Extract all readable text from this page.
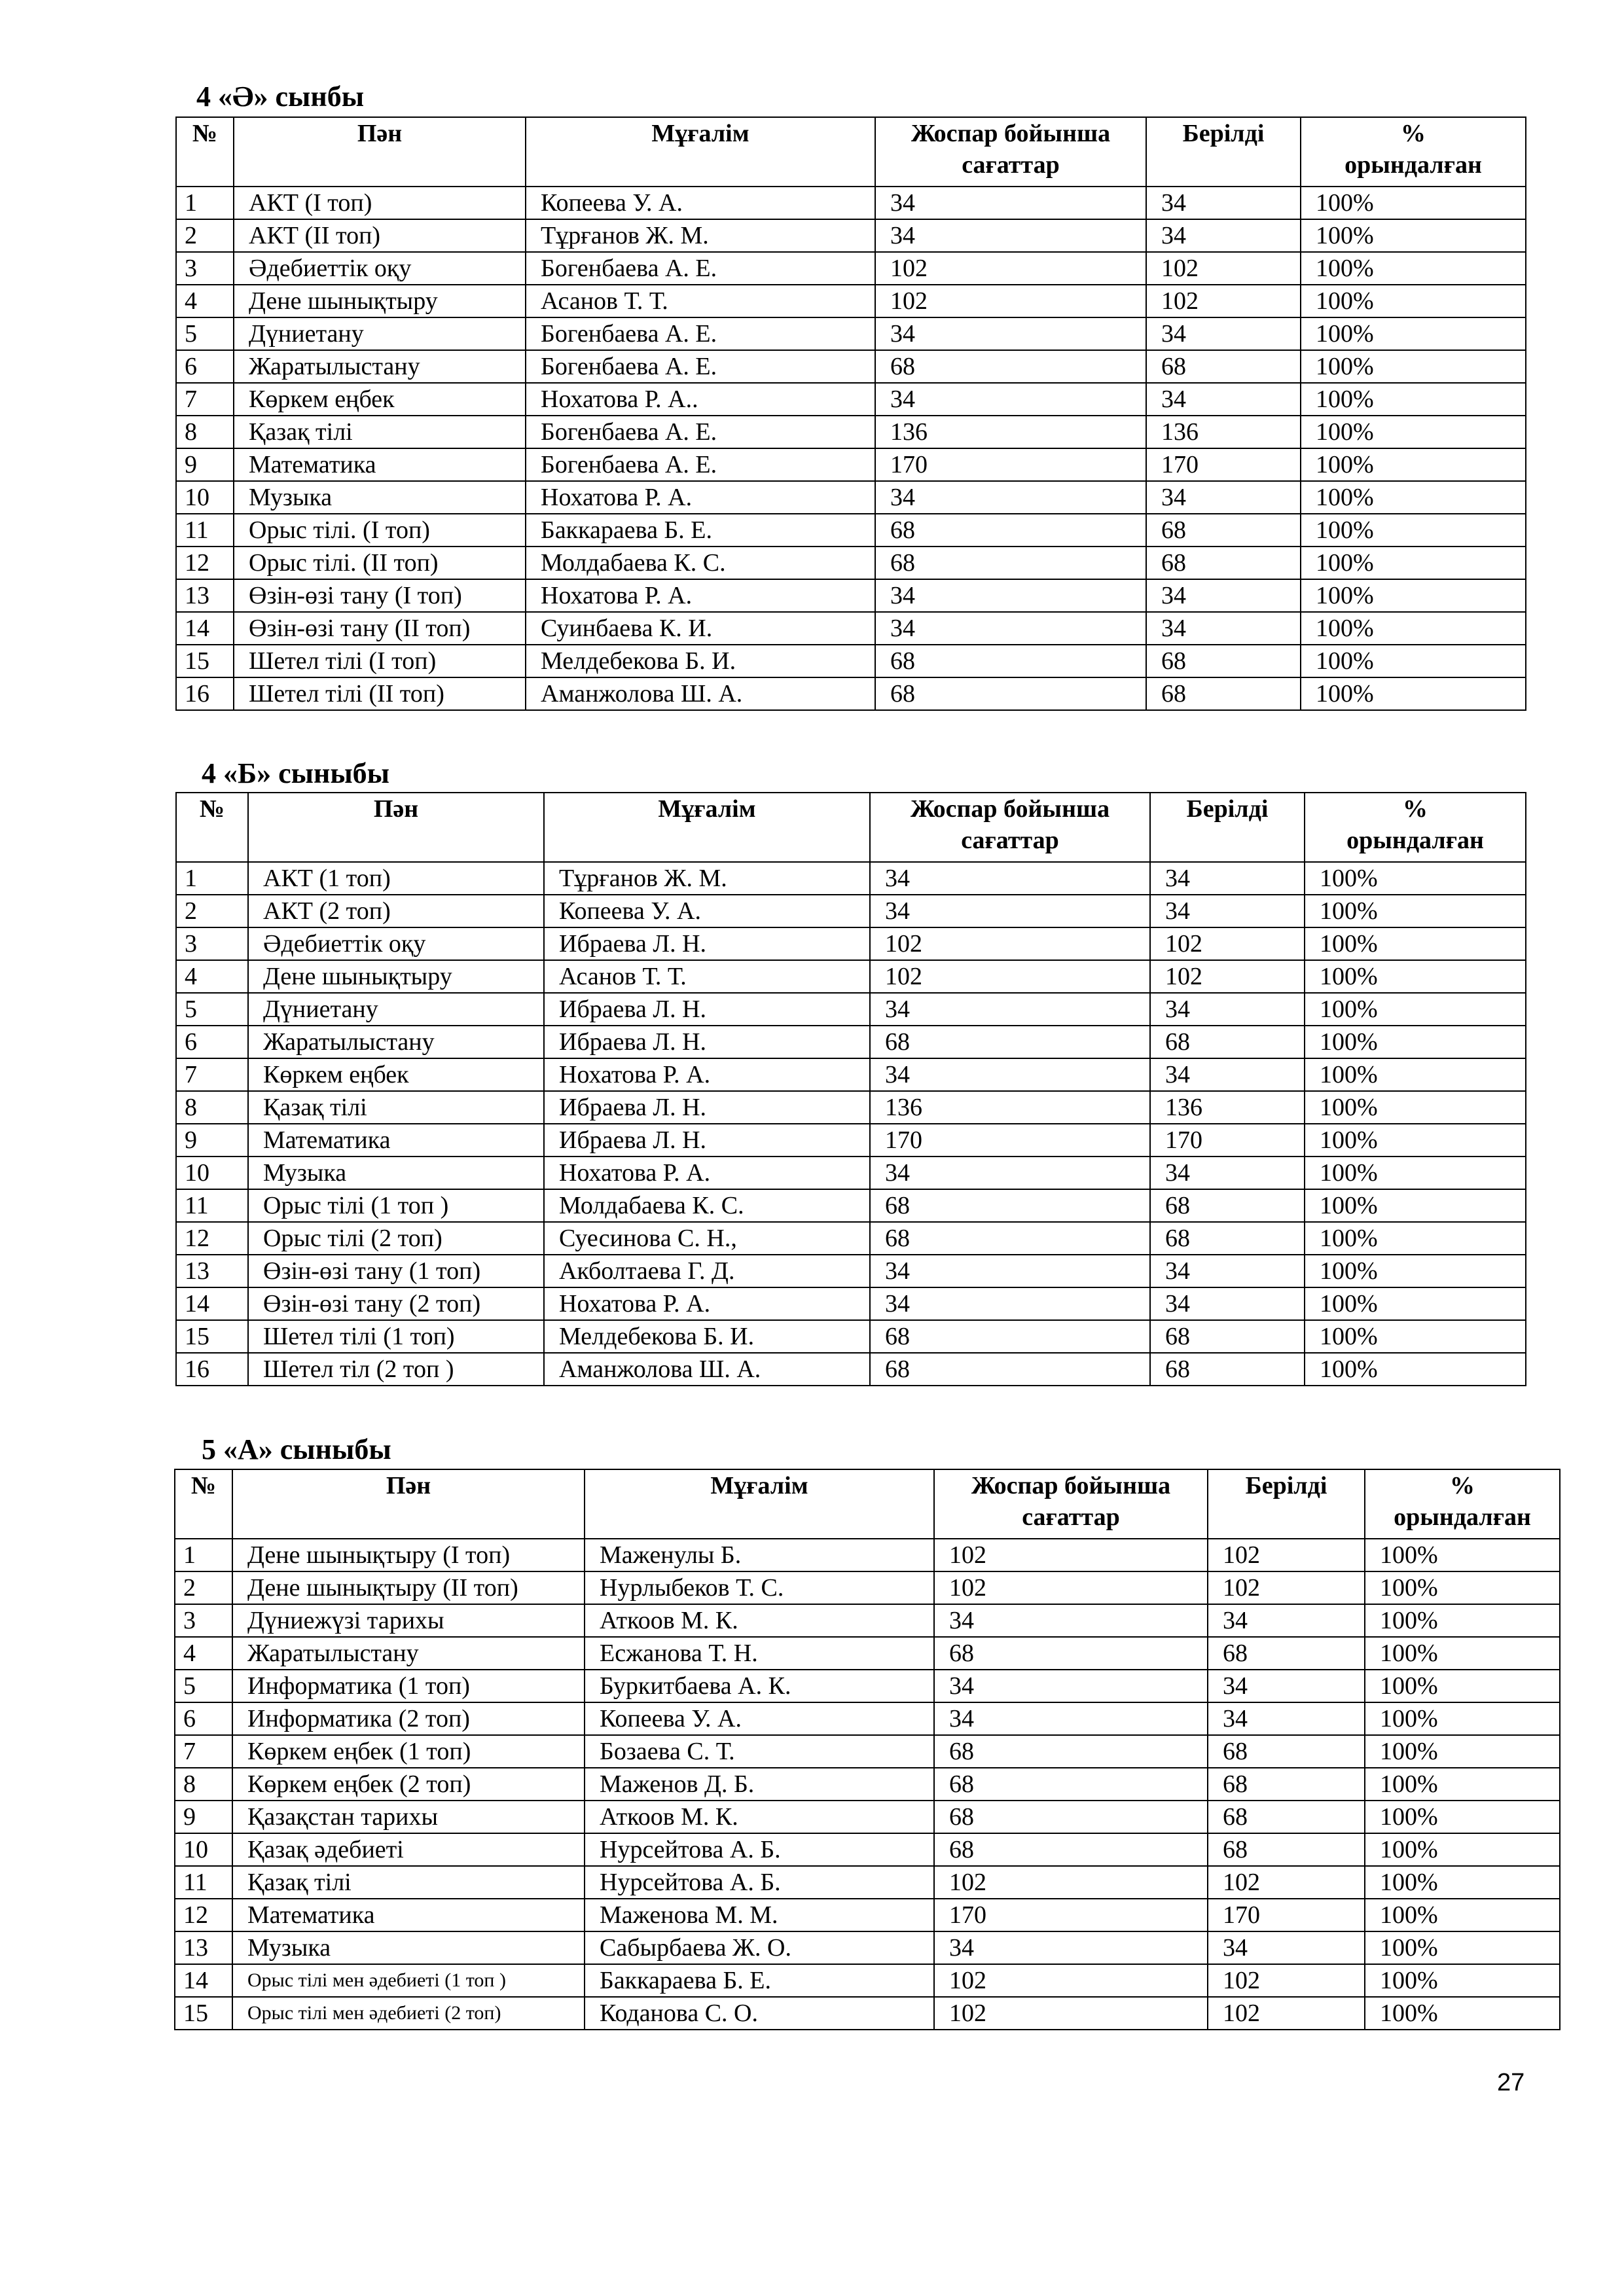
4 «Ә» сынбы
№	Пән	Мұғалім	Жоспар бойынша
сағаттар	Берілді	%
орындалған

1	АКТ (І топ)	Копеева У. А.	34	34	100%
2	АКТ (ІІ топ)	Тұрғанов Ж. М.	34	34	100%
3	Әдебиеттік оқу	Богенбаева А. Е.	102	102	100%
4	Дене шынықтыру	Асанов Т. Т.	102	102	100%
5	Дүниетану	Богенбаева А. Е.	34	34	100%
6	Жаратылыстану	Богенбаева А. Е.	68	68	100%
7	Көркем еңбек	Нохатова Р. А..	34	34	100%
8	Қазақ тілі	Богенбаева А. Е.	136	136	100%
9	Математика	Богенбаева А. Е.	170	170	100%
10	Музыка	Нохатова Р. А.	34	34	100%
11	Орыс тілі. (І топ)	Баккараева Б. Е.	68	68	100%
12	Орыс тілі. (ІІ топ)	Молдабаева К. С.	68	68	100%
13	Өзін-өзі тану (І топ)	Нохатова Р. А.	34	34	100%
14	Өзін-өзі тану (ІІ топ)	Суинбаева К. И.	34	34	100%
15	Шетел тілі (І топ)	Мелдебекова Б. И.	68	68	100%
16	Шетел тілі (ІІ топ)	Аманжолова Ш. А.	68	68	100%
4 «Б» сыныбы
№	Пән	Мұғалім	Жоспар бойынша
сағаттар	Берілді	%
орындалған

1	АКТ (1 топ)	Тұрғанов Ж. М.	34	34	100%
2	АКТ (2 топ)	Копеева У. А.	34	34	100%
3	Әдебиеттік оқу	Ибраева Л. Н.	102	102	100%
4	Дене шынықтыру	Асанов Т. Т.	102	102	100%
5	Дүниетану	Ибраева Л. Н.	34	34	100%
6	Жаратылыстану	Ибраева Л. Н.	68	68	100%
7	Көркем еңбек	Нохатова Р. А.	34	34	100%
8	Қазақ тілі	Ибраева Л. Н.	136	136	100%
9	Математика	Ибраева Л. Н.	170	170	100%
10	Музыка	Нохатова Р. А.	34	34	100%
11	Орыс тілі (1 топ )	Молдабаева К. С.	68	68	100%
12	Орыс тілі (2 топ)	Суесинова С. Н.,	68	68	100%
13	Өзін-өзі тану (1 топ)	Акболтаева Г. Д.	34	34	100%
14	Өзін-өзі тану (2 топ)	Нохатова Р. А.	34	34	100%
15	Шетел тілі (1 топ)	Мелдебекова Б. И.	68	68	100%
16	Шетел тіл (2 топ )	Аманжолова Ш. А.	68	68	100%
5 «А» сыныбы
№	Пән	Мұғалім	Жоспар бойынша
сағаттар	Берілді	%
орындалған

1	Дене шынықтыру (І топ)	Маженулы Б.	102	102	100%
2	Дене шынықтыру (ІІ топ)	Нурлыбеков Т. С.	102	102	100%
3	Дүниежүзі тарихы	Аткоов М. К.	34	34	100%
4	Жаратылыстану	Есжанова Т. Н.	68	68	100%
5	Информатика (1 топ)	Буркитбаева А. К.	34	34	100%
6	Информатика (2 топ)	Копеева У. А.	34	34	100%
7	Көркем еңбек (1 топ)	Бозаева С. Т.	68	68	100%
8	Көркем еңбек (2 топ)	Маженов Д. Б.	68	68	100%
9	Қазақстан тарихы	Аткоов М. К.	68	68	100%
10	Қазақ әдебиеті	Нурсейтова А. Б.	68	68	100%
11	Қазақ тілі	Нурсейтова А. Б.	102	102	100%
12	Математика	Маженова М. М.	170	170	100%
13	Музыка	Сабырбаева Ж. О.	34	34	100%
14	Орыс тілі мен әдебиеті (1 топ )	Баккараева Б. Е.	102	102	100%
15	Орыс тілі мен әдебиеті (2 топ)	Коданова С. О.	102	102	100%
27
